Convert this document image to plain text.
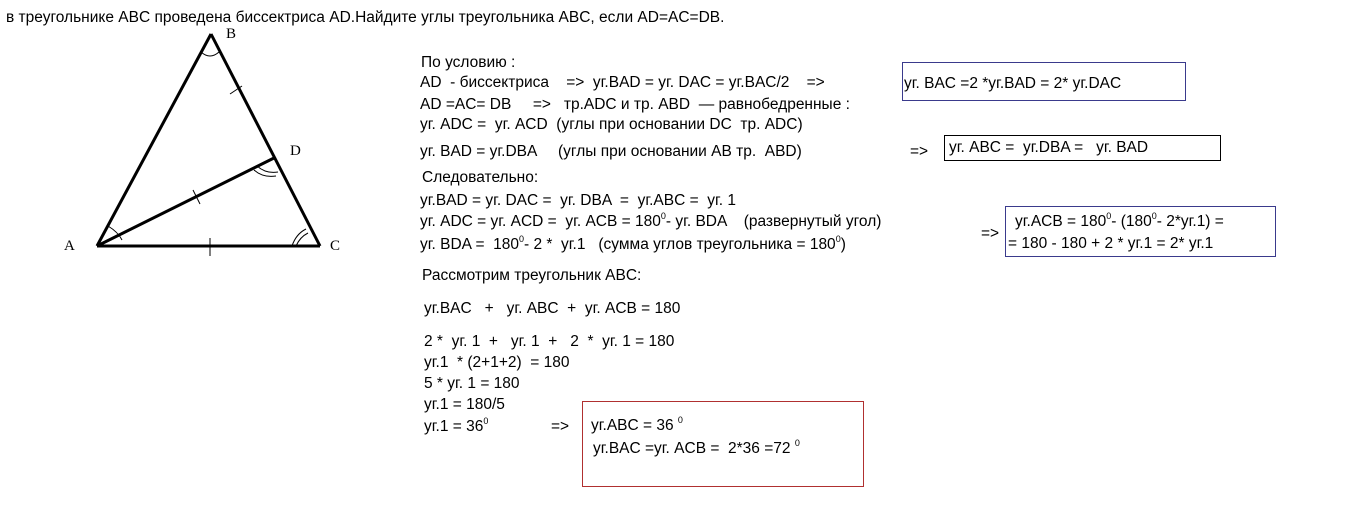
в треугольнике ABC проведена биссектриса AD.Найдите углы треугольника ABC, если AD=AC=DB.
B
D
A	C
По условию :
AD  - биссектриса    =>  уг.BAD = уг. DAC = уг.BAC/2    =>
AD =AC= DB     =>   тр.ADC и тр. ABD  — равнобедренные :
уг. ADC =  уг. ACD  (углы при основании DC  тр. ADC)
уг. BAD = уг.DBA     (углы при основании AB тр.  ABD)	=>
Следовательно:
уг.BAD = уг. DAC =  уг. DBA  =  уг.ABC =  уг. 1
уг. ADC = уг. ACD =  уг. ACB = $180^0-$ уг. BDA    (развернутый угол)
уг. BDA =  $180^0-$ 2 *  уг.1   (сумма углов треугольника = $180^0$)
=>
Рассмотрим треугольник ABC:
уг.BAC   +   уг. ABC  +  уг. ACB = 180
2 *  уг. 1  +   уг. 1  +   2  *  уг. 1 = 180
уг.1  * (2+1+2)  = 180
5 * уг. 1 = 180
уг.1 = 180/5
$уг.1 = 36^0$	=>
уг. BAC =2 *уг.BAD = 2* уг.DAC
уг. ABC =  уг.DBA =   уг. BAD
$уг.ACB = 180^0-$ ($180^0-$ 2*уг.1) =
= 180 - 180 + 2 * уг.1 = 2* уг.1
уг.ABC = 36 $^0$
уг.BAC =уг. ACB =  2*36 =72 $^0$
